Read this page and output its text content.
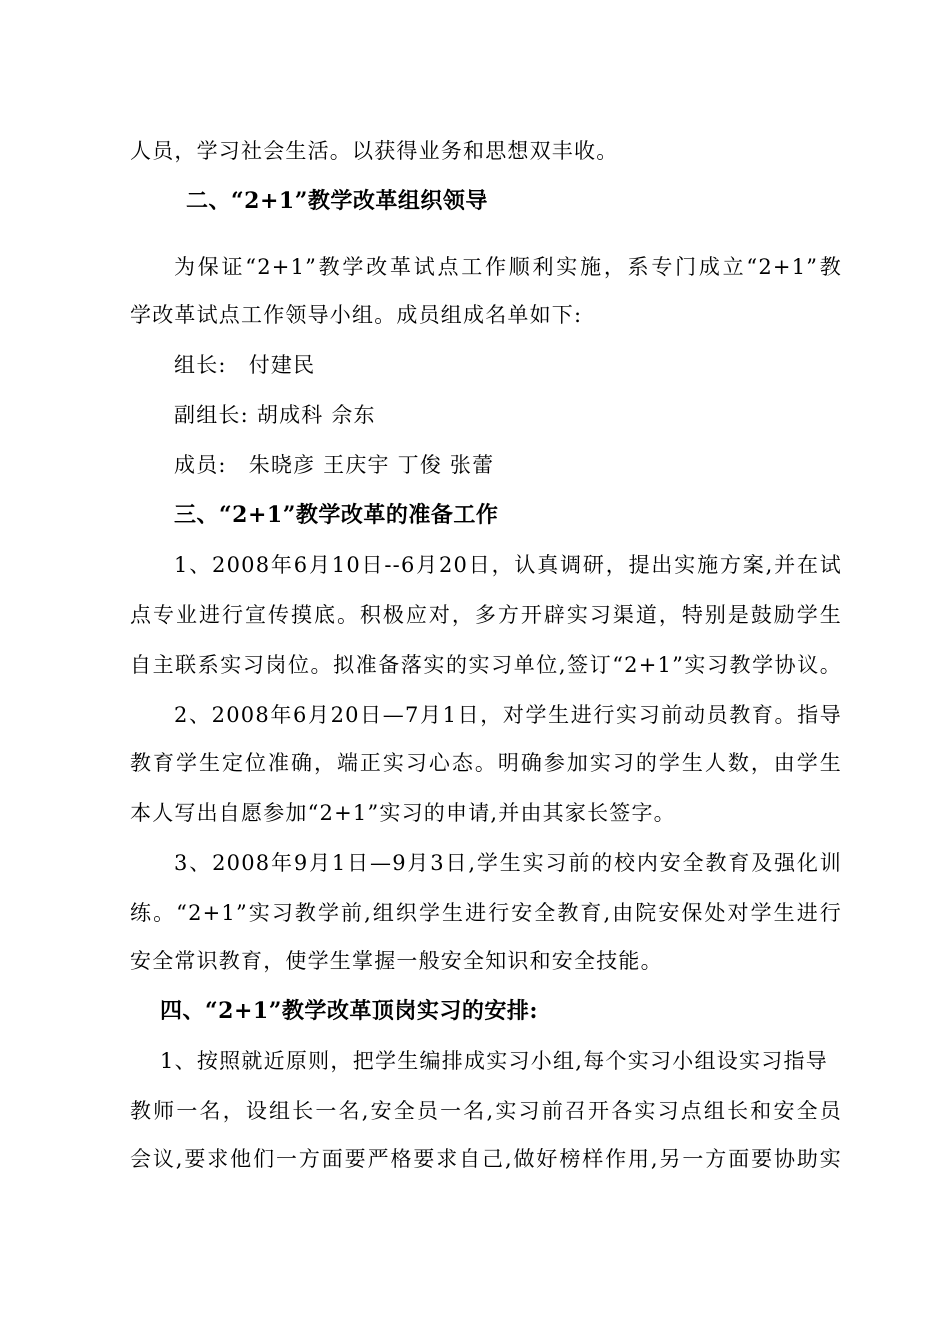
人员，学习社会生活。以获得业务和思想双丰收。
二、“2+1”教学改革组织领导
为保证“2+1”教学改革试点工作顺利实施，系专门成立“2+1”教
学改革试点工作领导小组。成员组成名单如下:
组长: 付建民
副组长: 胡成科 佘东
成员: 朱晓彦 王庆宇 丁俊 张蕾
三、“2+1”教学改革的准备工作
1、2008年6月10日--6月20日，认真调研，提出实施方案,并在试
点专业进行宣传摸底。积极应对，多方开辟实习渠道，特别是鼓励学生
自主联系实习岗位。拟准备落实的实习单位,签订“2+1”实习教学协议。
2、2008年6月20日—7月1日，对学生进行实习前动员教育。指导
教育学生定位准确，端正实习心态。明确参加实习的学生人数，由学生
本人写出自愿参加“2+1”实习的申请,并由其家长签字。
3、2008年9月1日—9月3日,学生实习前的校内安全教育及强化训
练。“2+1”实习教学前,组织学生进行安全教育,由院安保处对学生进行
安全常识教育，使学生掌握一般安全知识和安全技能。
四、“2+1”教学改革顶岗实习的安排:
1、按照就近原则，把学生编排成实习小组,每个实习小组设实习指导
教师一名，设组长一名,安全员一名,实习前召开各实习点组长和安全员
会议,要求他们一方面要严格要求自己,做好榜样作用,另一方面要协助实
